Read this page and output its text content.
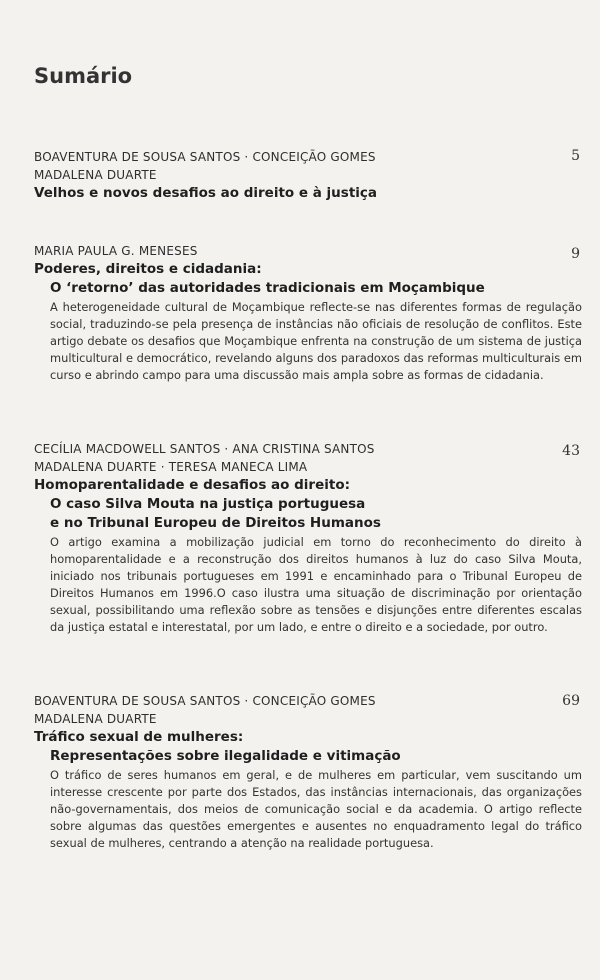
Sumário
5
BOAVENTURA DE SOUSA SANTOS · CONCEIÇÃO GOMES
MADALENA DUARTE
Velhos e novos desafios ao direito e à justiça
9
MARIA PAULA G. MENESES
Poderes, direitos e cidadania:
O ‘retorno’ das autoridades tradicionais em Moçambique
A heterogeneidade cultural de Moçambique reflecte-se nas diferentes formas de regulação social, traduzindo-se pela presença de instâncias não oficiais de resolução de conflitos. Este artigo debate os desafios que Moçambique enfrenta na construção de um sistema de justiça multicultural e democrático, revelando alguns dos paradoxos das reformas multiculturais em curso e abrindo campo para uma discussão mais ampla sobre as formas de cidadania.
43
CECÍLIA MACDOWELL SANTOS · ANA CRISTINA SANTOS
MADALENA DUARTE · TERESA MANECA LIMA
Homoparentalidade e desafios ao direito:
O caso Silva Mouta na justiça portuguesa
e no Tribunal Europeu de Direitos Humanos
O artigo examina a mobilização judicial em torno do reconhecimento do direito à homoparentalidade e a reconstrução dos direitos humanos à luz do caso Silva Mouta, iniciado nos tribunais portugueses em 1991 e encaminhado para o Tribunal Europeu de Direitos Humanos em 1996.O caso ilustra uma situação de discriminação por orientação sexual, possibilitando uma reflexão sobre as tensões e disjunções entre diferentes escalas da justiça estatal e interestatal, por um lado, e entre o direito e a sociedade, por outro.
69
BOAVENTURA DE SOUSA SANTOS · CONCEIÇÃO GOMES
MADALENA DUARTE
Tráfico sexual de mulheres:
Representações sobre ilegalidade e vitimação
O tráfico de seres humanos em geral, e de mulheres em particular, vem suscitando um interesse crescente por parte dos Estados, das instâncias internacionais, das organizações não-governamentais, dos meios de comunicação social e da academia. O artigo reflecte sobre algumas das questões emergentes e ausentes no enquadramento legal do tráfico sexual de mulheres, centrando a atenção na realidade portuguesa.
